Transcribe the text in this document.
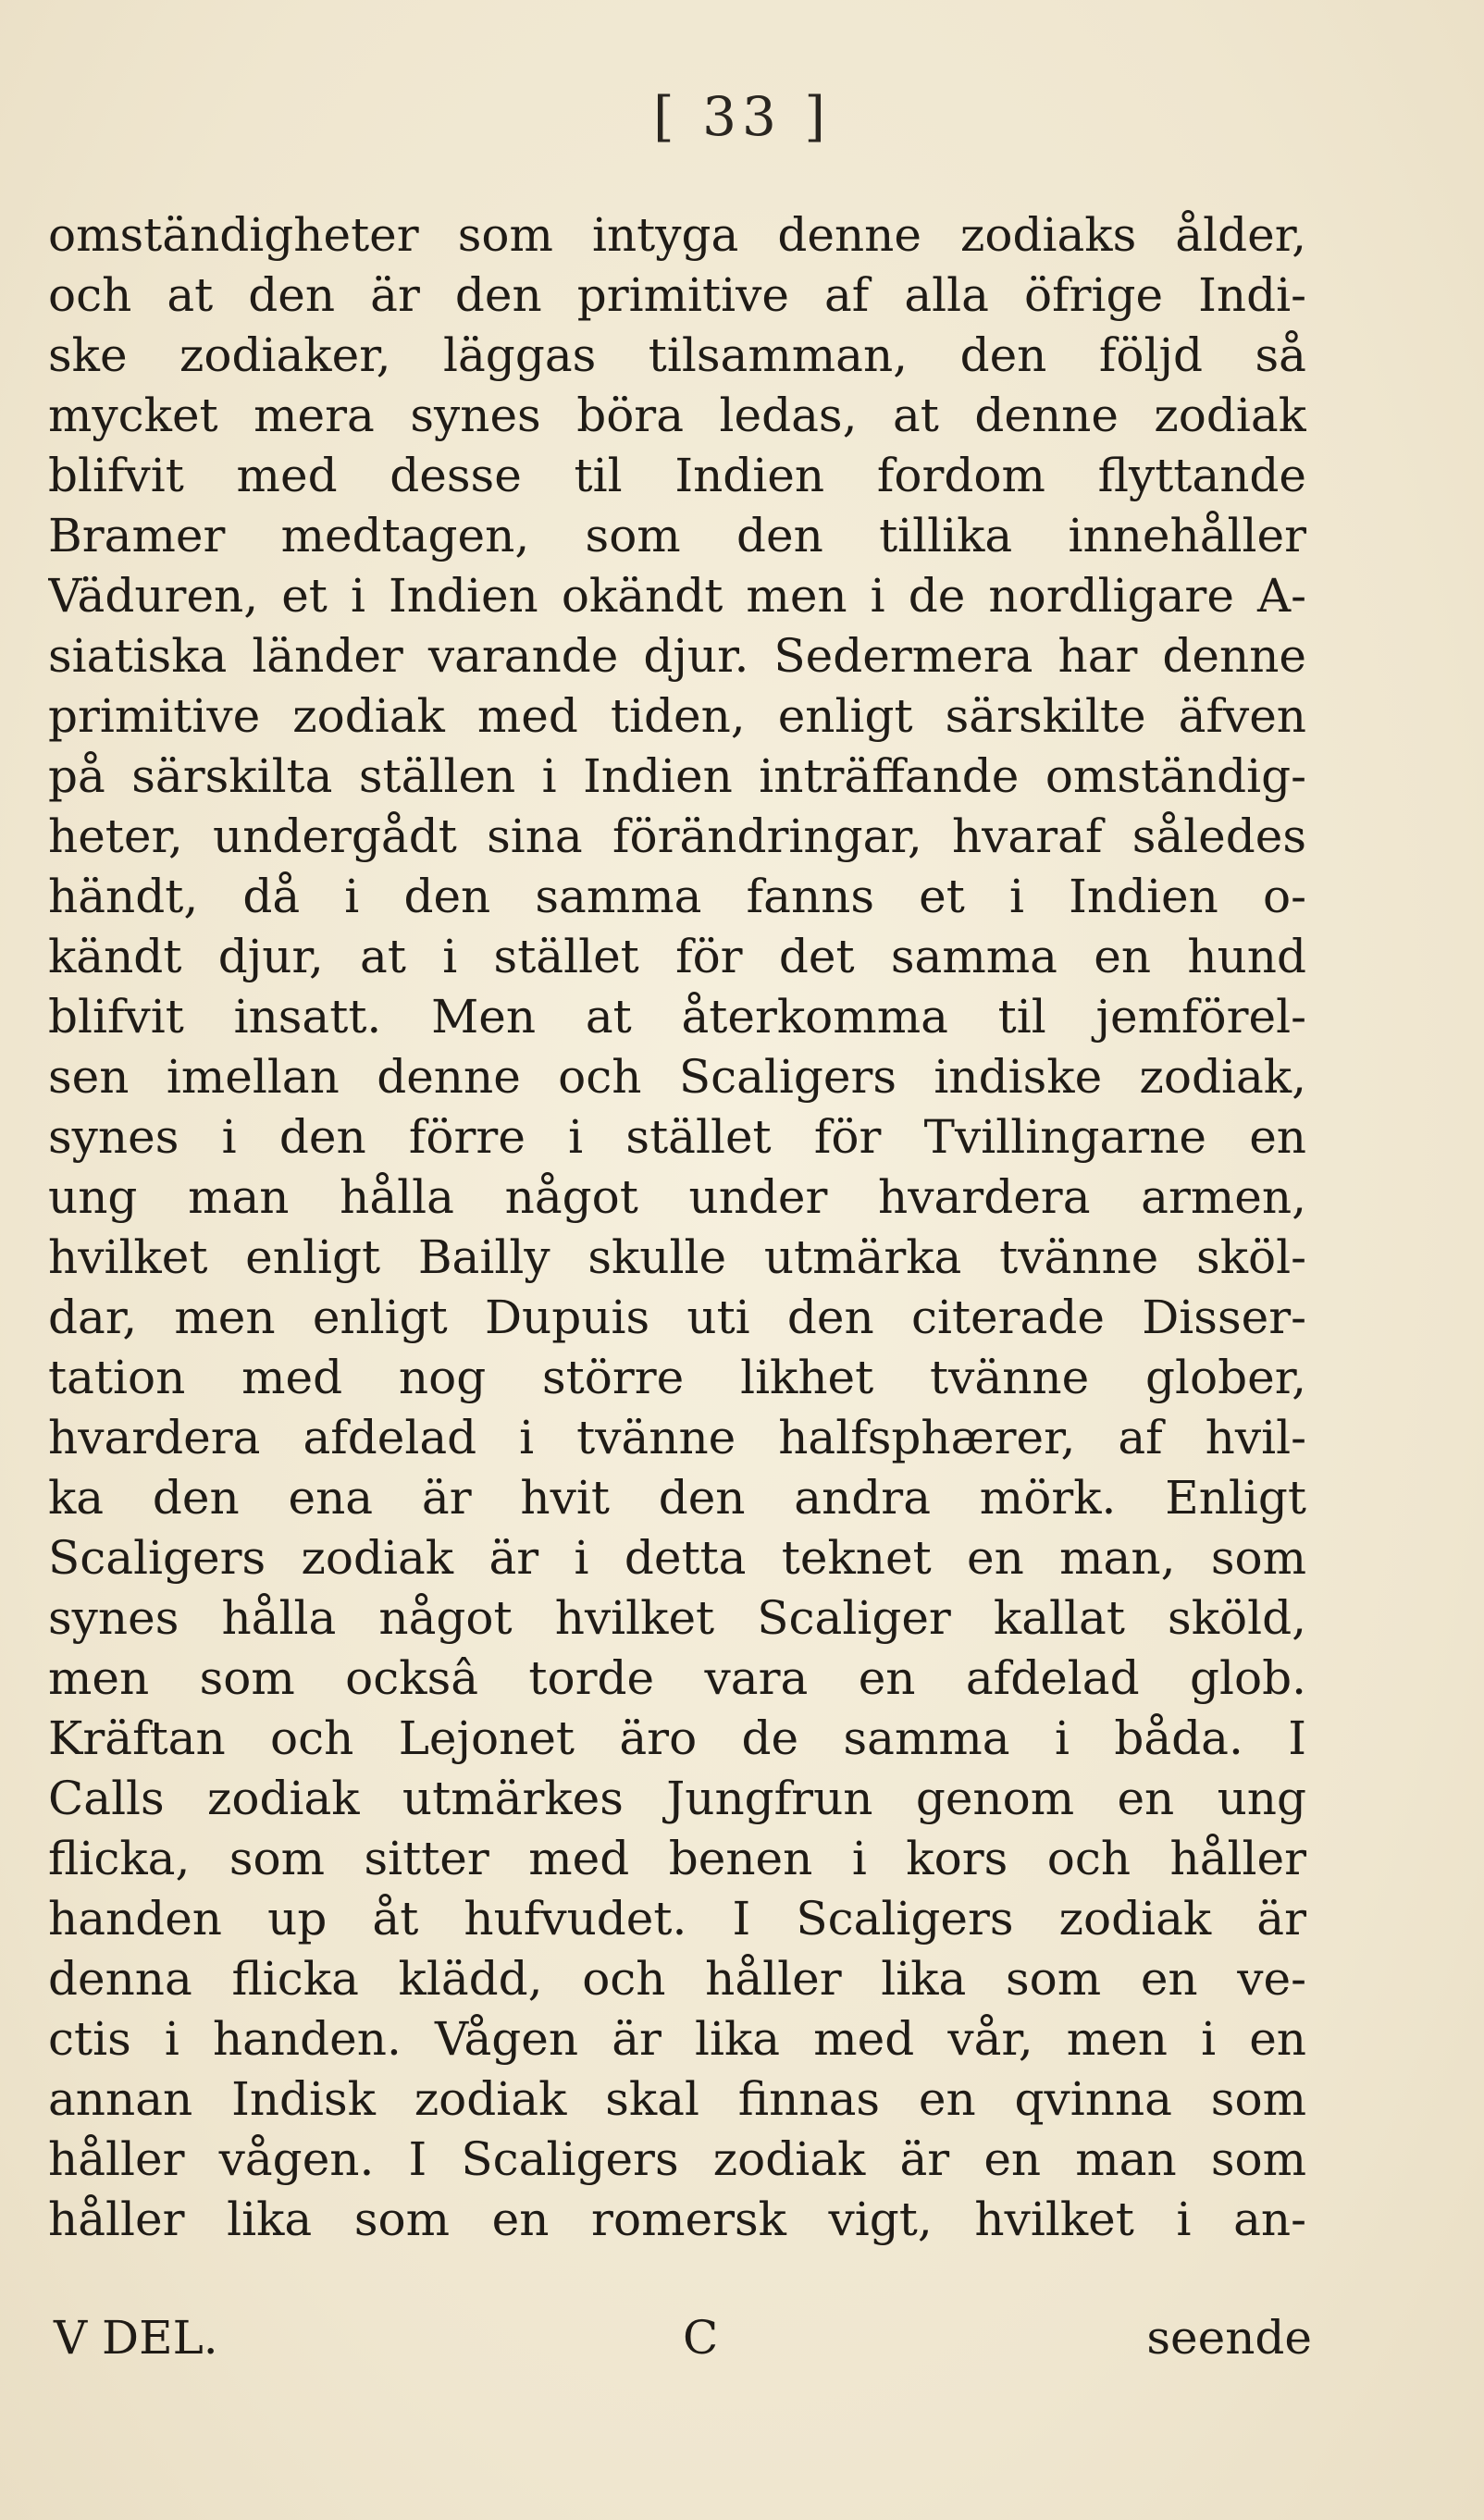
[ 33 ]
omständigheter som intyga denne zodiaks ålder,
och at den är den primitive af alla öfrige Indi-
ske zodiaker, läggas tilsamman, den följd så
mycket mera synes böra ledas, at denne zodiak
blifvit med desse til Indien fordom flyttande
Bramer medtagen, som den tillika innehåller
Väduren, et i Indien okändt men i de nordligare A-
siatiska länder varande djur. Sedermera har denne
primitive zodiak med tiden, enligt särskilte äfven
på särskilta ställen i Indien inträffande omständig-
heter, undergådt sina förändringar, hvaraf således
händt, då i den samma fanns et i Indien o-
kändt djur, at i stället för det samma en hund
blifvit insatt. Men at återkomma til jemförel-
sen imellan denne och Scaligers indiske zodiak,
synes i den förre i stället för Tvillingarne en
ung man hålla något under hvardera armen,
hvilket enligt Bailly skulle utmärka tvänne sköl-
dar, men enligt Dupuis uti den citerade Disser-
tation med nog större likhet tvänne glober,
hvardera afdelad i tvänne halfsphærer, af hvil-
ka den ena är hvit den andra mörk. Enligt
Scaligers zodiak är i detta teknet en man, som
synes hålla något hvilket Scaliger kallat sköld,
men som ocksâ torde vara en afdelad glob.
Kräftan och Lejonet äro de samma i båda. I
Calls zodiak utmärkes Jungfrun genom en ung
flicka, som sitter med benen i kors och håller
handen up åt hufvudet. I Scaligers zodiak är
denna flicka klädd, och håller lika som en ve-
ctis i handen. Vågen är lika med vår, men i en
annan Indisk zodiak skal finnas en qvinna som
håller vågen. I Scaligers zodiak är en man som
håller lika som en romersk vigt, hvilket i an-
V DEL.	C	seende
